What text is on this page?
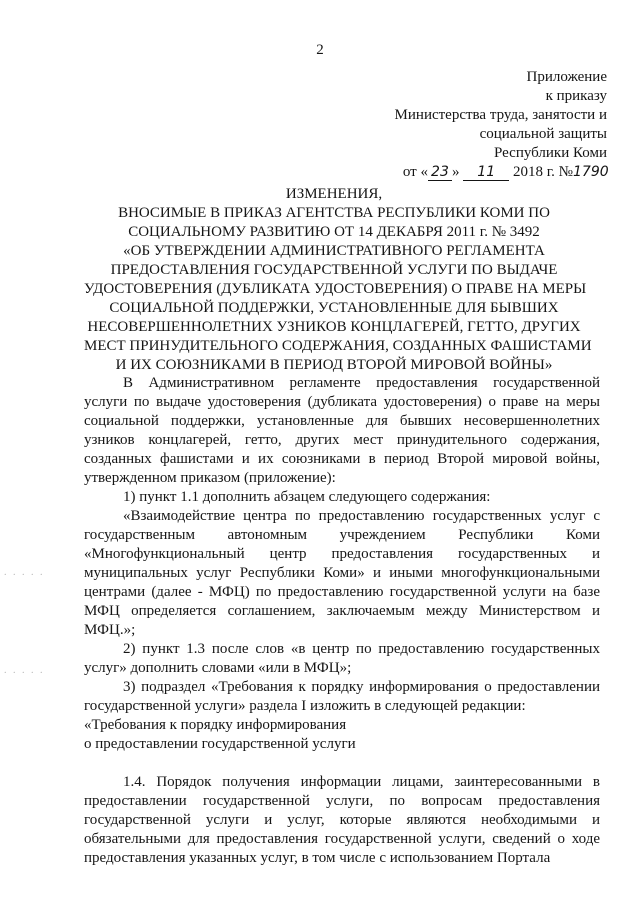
2
Приложение
к приказу
Министерства труда, занятости и
социальной защиты
Республики Коми
от « 23 » 11 2018 г. №1790
ИЗМЕНЕНИЯ,
ВНОСИМЫЕ В ПРИКАЗ АГЕНТСТВА РЕСПУБЛИКИ КОМИ ПО
СОЦИАЛЬНОМУ РАЗВИТИЮ ОТ 14 ДЕКАБРЯ 2011 г. № 3492
«ОБ УТВЕРЖДЕНИИ АДМИНИСТРАТИВНОГО РЕГЛАМЕНТА
ПРЕДОСТАВЛЕНИЯ ГОСУДАРСТВЕННОЙ УСЛУГИ ПО ВЫДАЧЕ
УДОСТОВЕРЕНИЯ (ДУБЛИКАТА УДОСТОВЕРЕНИЯ) О ПРАВЕ НА МЕРЫ
СОЦИАЛЬНОЙ ПОДДЕРЖКИ, УСТАНОВЛЕННЫЕ ДЛЯ БЫВШИХ
НЕСОВЕРШЕННОЛЕТНИХ УЗНИКОВ КОНЦЛАГЕРЕЙ, ГЕТТО, ДРУГИХ
МЕСТ ПРИНУДИТЕЛЬНОГО СОДЕРЖАНИЯ, СОЗДАННЫХ ФАШИСТАМИ
И ИХ СОЮЗНИКАМИ В ПЕРИОД ВТОРОЙ МИРОВОЙ ВОЙНЫ»
. . . . .
. . . . .

В Административном регламенте предоставления государственной услуги по выдаче удостоверения (дубликата удостоверения) о праве на меры социальной поддержки, установленные для бывших несовершеннолетних узников концлагерей, гетто, других мест принудительного содержания, созданных фашистами и их союзниками в период Второй мировой войны, утвержденном приказом (приложение):

1) пункт 1.1 дополнить абзацем следующего содержания:

«Взаимодействие центра по предоставлению государственных услуг с государственным автономным учреждением Республики Коми «Многофункциональный центр предоставления государственных и муниципальных услуг Республики Коми» и иными многофункциональными центрами (далее - МФЦ) по предоставлению государственной услуги на базе МФЦ определяется соглашением, заключаемым между Министерством и МФЦ.»;

2) пункт 1.3 после слов «в центр по предоставлению государственных услуг» дополнить словами «или в МФЦ»;

3) подраздел «Требования к порядку информирования о предоставлении государственной услуги» раздела I изложить в следующей редакции:

«Требования к порядку информирования

о предоставлении государственной услуги

1.4. Порядок получения информации лицами, заинтересованными в предоставлении государственной услуги, по вопросам предоставления государственной услуги и услуг, которые являются необходимыми и обязательными для предоставления государственной услуги, сведений о ходе предоставления указанных услуг, в том числе с использованием Портала
